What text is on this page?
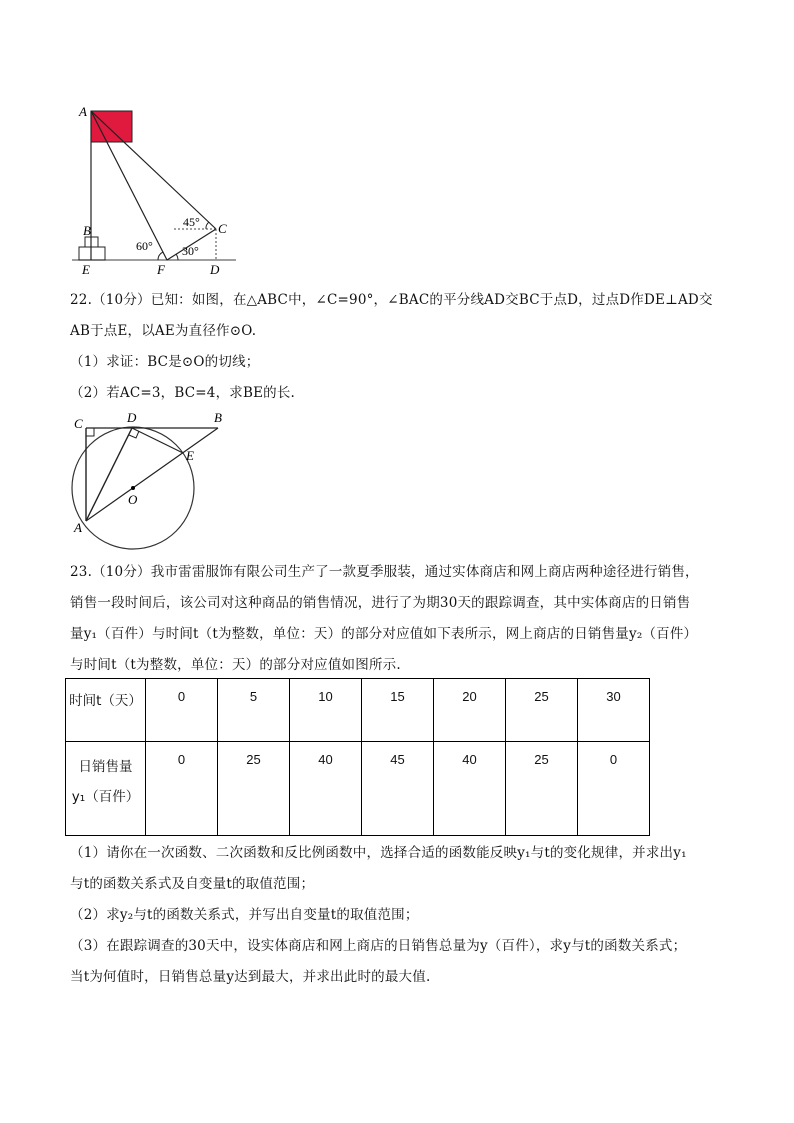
A
B
E	F	D
C
45°
60° 30°
22.（10分）已知：如图，在△ABC中，∠C=90°，∠BAC的平分线AD交BC于点D，过点D作DE⊥AD交
AB于点E，以AE为直径作⊙O.
（1）求证：BC是⊙O的切线；
（2）若AC=3，BC=4，求BE的长.
C	D	B
E
O
A
23.（10分）我市雷雷服饰有限公司生产了一款夏季服装，通过实体商店和网上商店两种途径进行销售，
销售一段时间后，该公司对这种商品的销售情况，进行了为期30天的跟踪调查，其中实体商店的日销售
量y₁（百件）与时间t（t为整数，单位：天）的部分对应值如下表所示，网上商店的日销售量y₂（百件）
与时间t（t为整数，单位：天）的部分对应值如图所示.
时间t（天）	0	5	10	15	20	25	30

日销售量
y₁（百件）	0	25	40	45	40	25	0
（1）请你在一次函数、二次函数和反比例函数中，选择合适的函数能反映y₁与t的变化规律，并求出y₁
与t的函数关系式及自变量t的取值范围；
（2）求y₂与t的函数关系式，并写出自变量t的取值范围；
（3）在跟踪调查的30天中，设实体商店和网上商店的日销售总量为y（百件），求y与t的函数关系式；
当t为何值时，日销售总量y达到最大，并求出此时的最大值.
